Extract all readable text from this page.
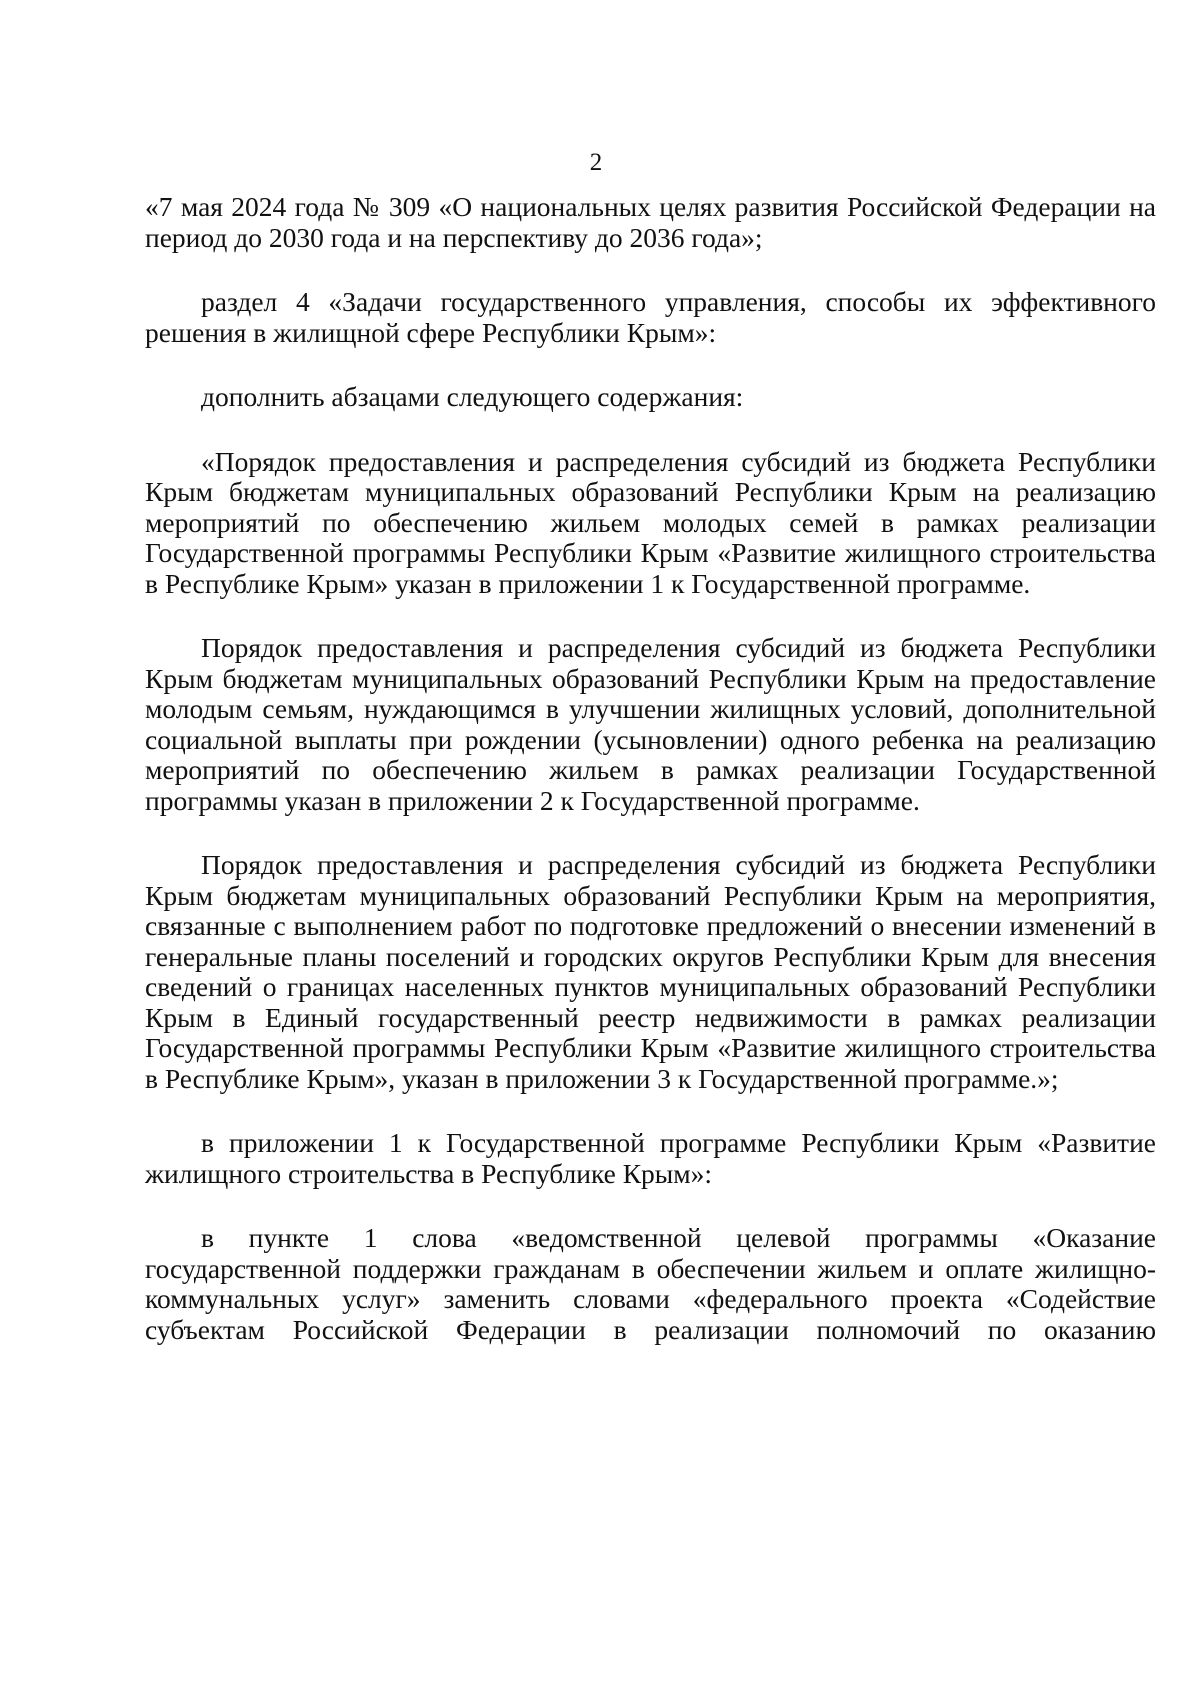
2

«7 мая 2024 года № 309 «О национальных целях развития Российской Федерации на период до 2030 года и на перспективу до 2036 года»;

раздел 4 «Задачи государственного управления, способы их эффективного решения в жилищной сфере Республики Крым»:

дополнить абзацами следующего содержания:

«Порядок предоставления и распределения субсидий из бюджета Республики Крым бюджетам муниципальных образований Республики Крым на реализацию мероприятий по обеспечению жильем молодых семей в рамках реализации Государственной программы Республики Крым «Развитие жилищного строительства в Республике Крым» указан в приложении 1 к Государственной программе.

Порядок предоставления и распределения субсидий из бюджета Республики Крым бюджетам муниципальных образований Республики Крым на предоставление молодым семьям, нуждающимся в улучшении жилищных условий, дополнительной социальной выплаты при рождении (усыновлении) одного ребенка на реализацию мероприятий по обеспечению жильем в рамках реализации Государственной программы указан в приложении 2 к Государственной программе.

Порядок предоставления и распределения субсидий из бюджета Республики Крым бюджетам муниципальных образований Республики Крым на мероприятия, связанные с выполнением работ по подготовке предложений о внесении изменений в генеральные планы поселений и городских округов Республики Крым для внесения сведений о границах населенных пунктов муниципальных образований Республики Крым в Единый государственный реестр недвижимости в рамках реализации Государственной программы Республики Крым «Развитие жилищного строительства в Республике Крым», указан в приложении 3 к Государственной программе.»;

в приложении 1 к Государственной программе Республики Крым «Развитие жилищного строительства в Республике Крым»:

в пункте 1 слова «ведомственной целевой программы «Оказание государственной поддержки гражданам в обеспечении жильем и оплате жилищно-коммунальных услуг» заменить словами «федерального проекта «Содействие субъектам Российской Федерации в реализации полномочий по оказанию
